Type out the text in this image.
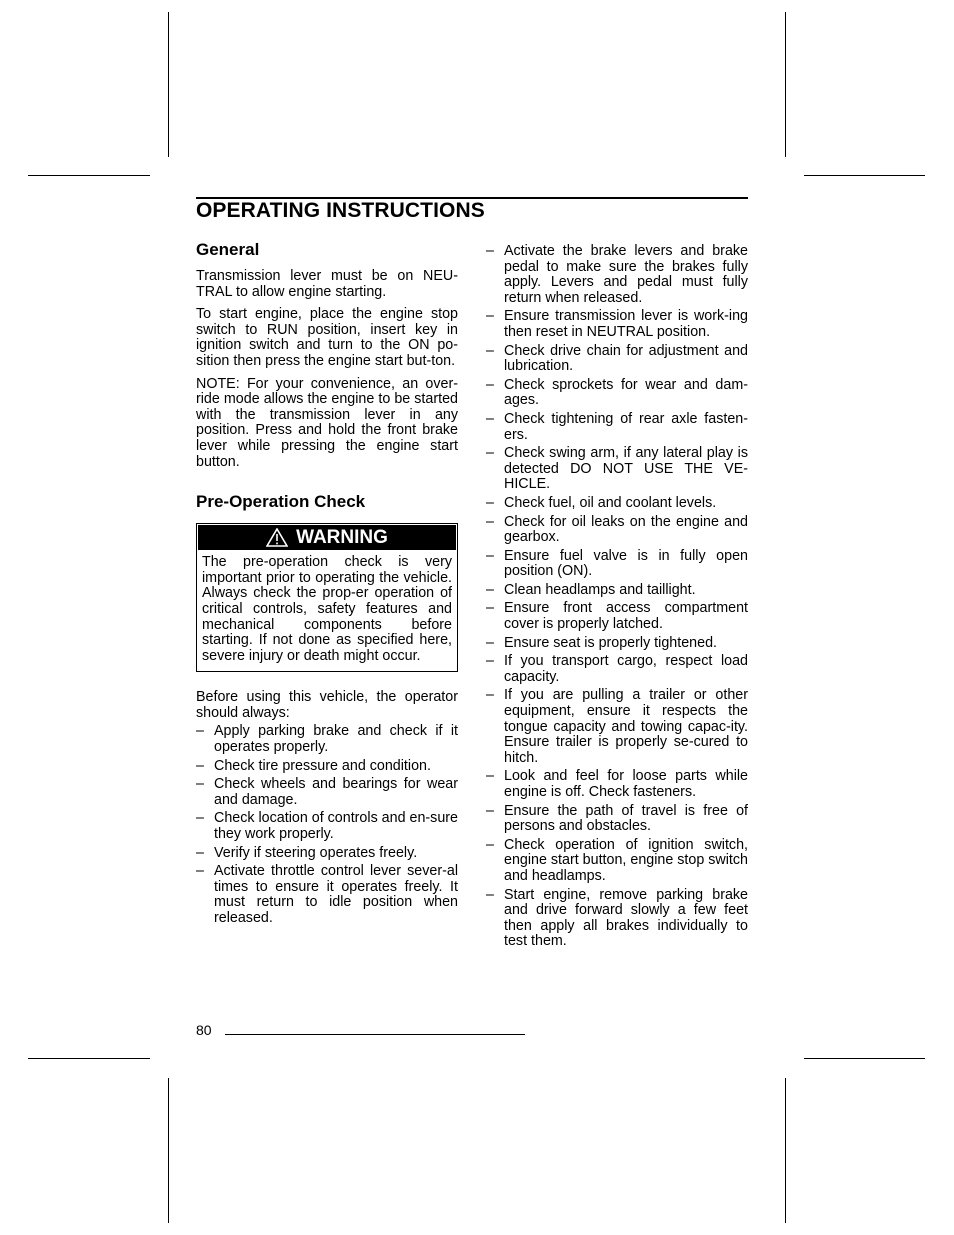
OPERATING INSTRUCTIONS
General

Transmission lever must be on NEU-TRAL to allow engine starting.

To start engine, place the engine stop switch to RUN position, insert key in ignition switch and turn to the ON po-sition then press the engine start but-ton.

NOTE: For your convenience, an over-ride mode allows the engine to be started with the transmission lever in any position. Press and hold the front brake lever while pressing the engine start button.

Pre-Operation Check
WARNING
The pre-operation check is very important prior to operating the vehicle. Always check the prop-er operation of critical controls, safety features and mechanical components before starting. If not done as specified here, severe injury or death might occur.

Before using this vehicle, the operator should always:

– Apply parking brake and check if it operates properly.
– Check tire pressure and condition.
– Check wheels and bearings for wear and damage.
– Check location of controls and en-sure they work properly.
– Verify if steering operates freely.
– Activate throttle control lever sever-al times to ensure it operates freely. It must return to idle position when released.
– Activate the brake levers and brake pedal to make sure the brakes fully apply. Levers and pedal must fully return when released.
– Ensure transmission lever is work-ing then reset in NEUTRAL position.
– Check drive chain for adjustment and lubrication.
– Check sprockets for wear and dam-ages.
– Check tightening of rear axle fasten-ers.
– Check swing arm, if any lateral play is detected DO NOT USE THE VE-HICLE.
– Check fuel, oil and coolant levels.
– Check for oil leaks on the engine and gearbox.
– Ensure fuel valve is in fully open position (ON).
– Clean headlamps and taillight.
– Ensure front access compartment cover is properly latched.
– Ensure seat is properly tightened.
– If you transport cargo, respect load capacity.
– If you are pulling a trailer or other equipment, ensure it respects the tongue capacity and towing capac-ity. Ensure trailer is properly se-cured to hitch.
– Look and feel for loose parts while engine is off. Check fasteners.
– Ensure the path of travel is free of persons and obstacles.
– Check operation of ignition switch, engine start button, engine stop switch and headlamps.
– Start engine, remove parking brake and drive forward slowly a few feet then apply all brakes individually to test them.
80
